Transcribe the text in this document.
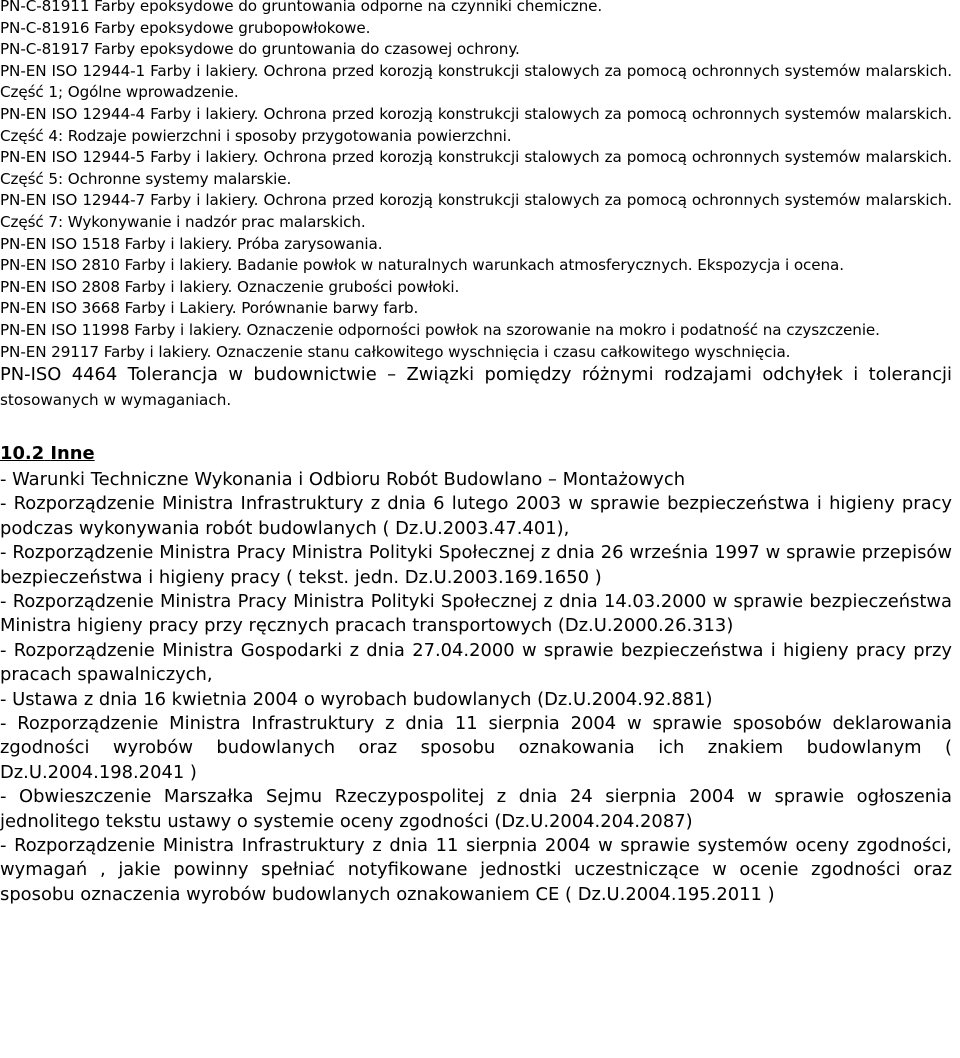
PN-C-81911 Farby epoksydowe do gruntowania odporne na czynniki chemiczne.

PN-C-81916 Farby epoksydowe grubopowłokowe.

PN-C-81917 Farby epoksydowe do gruntowania do czasowej ochrony.

PN-EN ISO 12944-1 Farby i lakiery. Ochrona przed korozją konstrukcji stalowych za pomocą ochronnych systemów malarskich. Część 1; Ogólne wprowadzenie.

PN-EN ISO 12944-4 Farby i lakiery. Ochrona przed korozją konstrukcji stalowych za pomocą ochronnych systemów malarskich. Część 4: Rodzaje powierzchni i sposoby przygotowania powierzchni.

PN-EN ISO 12944-5 Farby i lakiery. Ochrona przed korozją konstrukcji stalowych za pomocą ochronnych systemów malarskich. Część 5: Ochronne systemy malarskie.

PN-EN ISO 12944-7 Farby i lakiery. Ochrona przed korozją konstrukcji stalowych za pomocą ochronnych systemów malarskich. Część 7: Wykonywanie i nadzór prac malarskich.

PN-EN ISO 1518 Farby i lakiery. Próba zarysowania.

PN-EN ISO 2810 Farby i lakiery. Badanie powłok w naturalnych warunkach atmosferycznych. Ekspozycja i ocena.

PN-EN ISO 2808 Farby i lakiery. Oznaczenie grubości powłoki.

PN-EN ISO 3668 Farby i Lakiery. Porównanie barwy farb.

PN-EN ISO 11998 Farby i lakiery. Oznaczenie odporności powłok na szorowanie na mokro i podatność na czyszczenie.

PN-EN 29117 Farby i lakiery. Oznaczenie stanu całkowitego wyschnięcia i czasu całkowitego wyschnięcia.

PN-ISO 4464 Tolerancja w budownictwie – Związki pomiędzy różnymi rodzajami odchyłek i tolerancji stosowanych w wymaganiach.

10.2 Inne

- Warunki Techniczne Wykonania i Odbioru Robót Budowlano – Montażowych

- Rozporządzenie Ministra Infrastruktury z dnia 6 lutego 2003 w sprawie bezpieczeństwa i higieny pracy podczas wykonywania robót budowlanych ( Dz.U.2003.47.401),

- Rozporządzenie Ministra Pracy Ministra Polityki Społecznej z dnia 26 września 1997 w sprawie przepisów bezpieczeństwa i higieny pracy ( tekst. jedn. Dz.U.2003.169.1650 )

- Rozporządzenie Ministra Pracy Ministra Polityki Społecznej z dnia 14.03.2000 w sprawie bezpieczeństwa Ministra higieny pracy przy ręcznych pracach transportowych (Dz.U.2000.26.313)

- Rozporządzenie Ministra Gospodarki z dnia 27.04.2000 w sprawie bezpieczeństwa i higieny pracy przy pracach spawalniczych,

- Ustawa z dnia 16 kwietnia 2004 o wyrobach budowlanych (Dz.U.2004.92.881)

- Rozporządzenie Ministra Infrastruktury z dnia 11 sierpnia 2004 w sprawie sposobów deklarowania zgodności wyrobów budowlanych oraz sposobu oznakowania ich znakiem budowlanym ( Dz.U.2004.198.2041 )

- Obwieszczenie Marszałka Sejmu Rzeczypospolitej z dnia 24 sierpnia 2004 w sprawie ogłoszenia jednolitego tekstu ustawy o systemie oceny zgodności (Dz.U.2004.204.2087)

- Rozporządzenie Ministra Infrastruktury z dnia 11 sierpnia 2004 w sprawie systemów oceny zgodności, wymagań , jakie powinny spełniać notyfikowane jednostki uczestniczące w ocenie zgodności oraz sposobu oznaczenia wyrobów budowlanych oznakowaniem CE ( Dz.U.2004.195.2011 )
